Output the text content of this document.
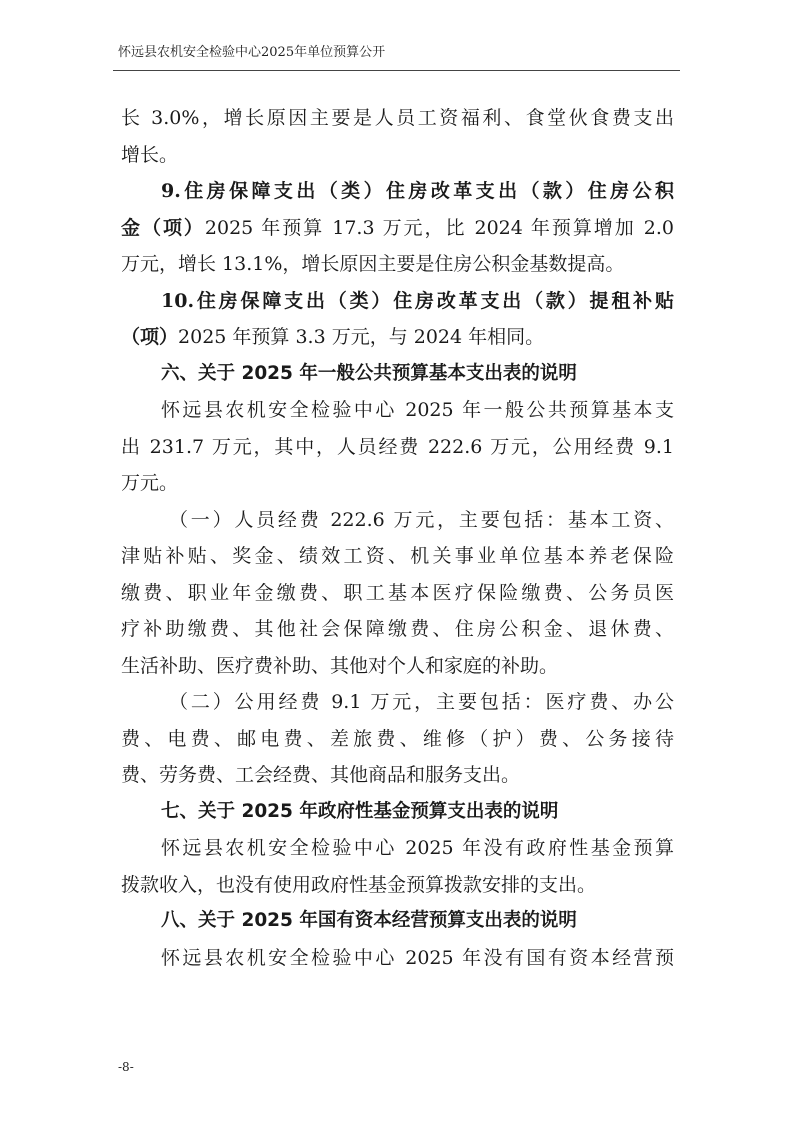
怀远县农机安全检验中心2025年单位预算公开
长 3.0%，增长原因主要是人员工资福利、食堂伙食费支出
增长。
9.住房保障支出（类）住房改革支出（款）住房公积
金（项）2025 年预算 17.3 万元，比 2024 年预算增加 2.0
万元，增长 13.1%，增长原因主要是住房公积金基数提高。
10.住房保障支出（类）住房改革支出（款）提租补贴
（项）2025 年预算 3.3 万元，与 2024 年相同。
六、关于 2025 年一般公共预算基本支出表的说明
怀远县农机安全检验中心 2025 年一般公共预算基本支
出 231.7 万元，其中，人员经费 222.6 万元，公用经费 9.1
万元。
（一）人员经费 222.6 万元，主要包括：基本工资、
津贴补贴、奖金、绩效工资、机关事业单位基本养老保险
缴费、职业年金缴费、职工基本医疗保险缴费、公务员医
疗补助缴费、其他社会保障缴费、住房公积金、退休费、
生活补助、医疗费补助、其他对个人和家庭的补助。
（二）公用经费 9.1 万元，主要包括：医疗费、办公
费、电费、邮电费、差旅费、维修（护）费、公务接待
费、劳务费、工会经费、其他商品和服务支出。
七、关于 2025 年政府性基金预算支出表的说明
怀远县农机安全检验中心 2025 年没有政府性基金预算
拨款收入，也没有使用政府性基金预算拨款安排的支出。
八、关于 2025 年国有资本经营预算支出表的说明
怀远县农机安全检验中心 2025 年没有国有资本经营预
-8-
